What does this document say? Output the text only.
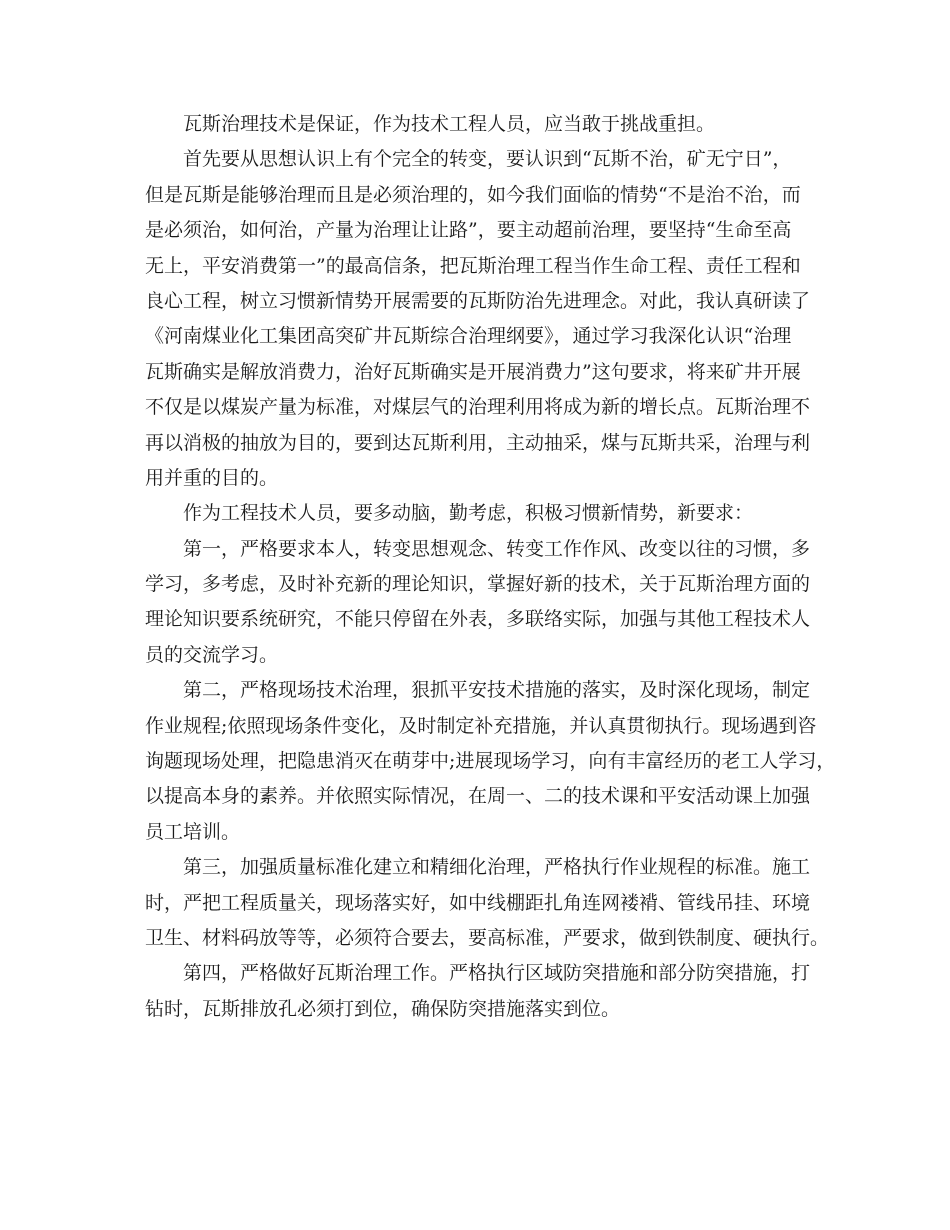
瓦斯治理技术是保证，作为技术工程人员，应当敢于挑战重担。

首先要从思想认识上有个完全的转变，要认识到“瓦斯不治，矿无宁日”，

但是瓦斯是能够治理而且是必须治理的，如今我们面临的情势“不是治不治，而

是必须治，如何治，产量为治理让让路”，要主动超前治理，要坚持“生命至高

无上，平安消费第一”的最高信条，把瓦斯治理工程当作生命工程、责任工程和

良心工程，树立习惯新情势开展需要的瓦斯防治先进理念。对此，我认真研读了

《河南煤业化工集团高突矿井瓦斯综合治理纲要》，通过学习我深化认识“治理

瓦斯确实是解放消费力，治好瓦斯确实是开展消费力”这句要求，将来矿井开展

不仅是以煤炭产量为标准，对煤层气的治理利用将成为新的增长点。瓦斯治理不

再以消极的抽放为目的，要到达瓦斯利用，主动抽采，煤与瓦斯共采，治理与利

用并重的目的。

作为工程技术人员，要多动脑，勤考虑，积极习惯新情势，新要求：

第一，严格要求本人，转变思想观念、转变工作作风、改变以往的习惯，多

学习，多考虑，及时补充新的理论知识，掌握好新的技术，关于瓦斯治理方面的

理论知识要系统研究，不能只停留在外表，多联络实际，加强与其他工程技术人

员的交流学习。

第二，严格现场技术治理，狠抓平安技术措施的落实，及时深化现场，制定

作业规程;依照现场条件变化，及时制定补充措施，并认真贯彻执行。现场遇到咨

询题现场处理，把隐患消灭在萌芽中;进展现场学习，向有丰富经历的老工人学习，

以提高本身的素养。并依照实际情况，在周一、二的技术课和平安活动课上加强

员工培训。

第三，加强质量标准化建立和精细化治理，严格执行作业规程的标准。施工

时，严把工程质量关，现场落实好，如中线棚距扎角连网褛褙、管线吊挂、环境

卫生、材料码放等等，必须符合要去，要高标准，严要求，做到铁制度、硬执行。

第四，严格做好瓦斯治理工作。严格执行区域防突措施和部分防突措施，打

钻时，瓦斯排放孔必须打到位，确保防突措施落实到位。
